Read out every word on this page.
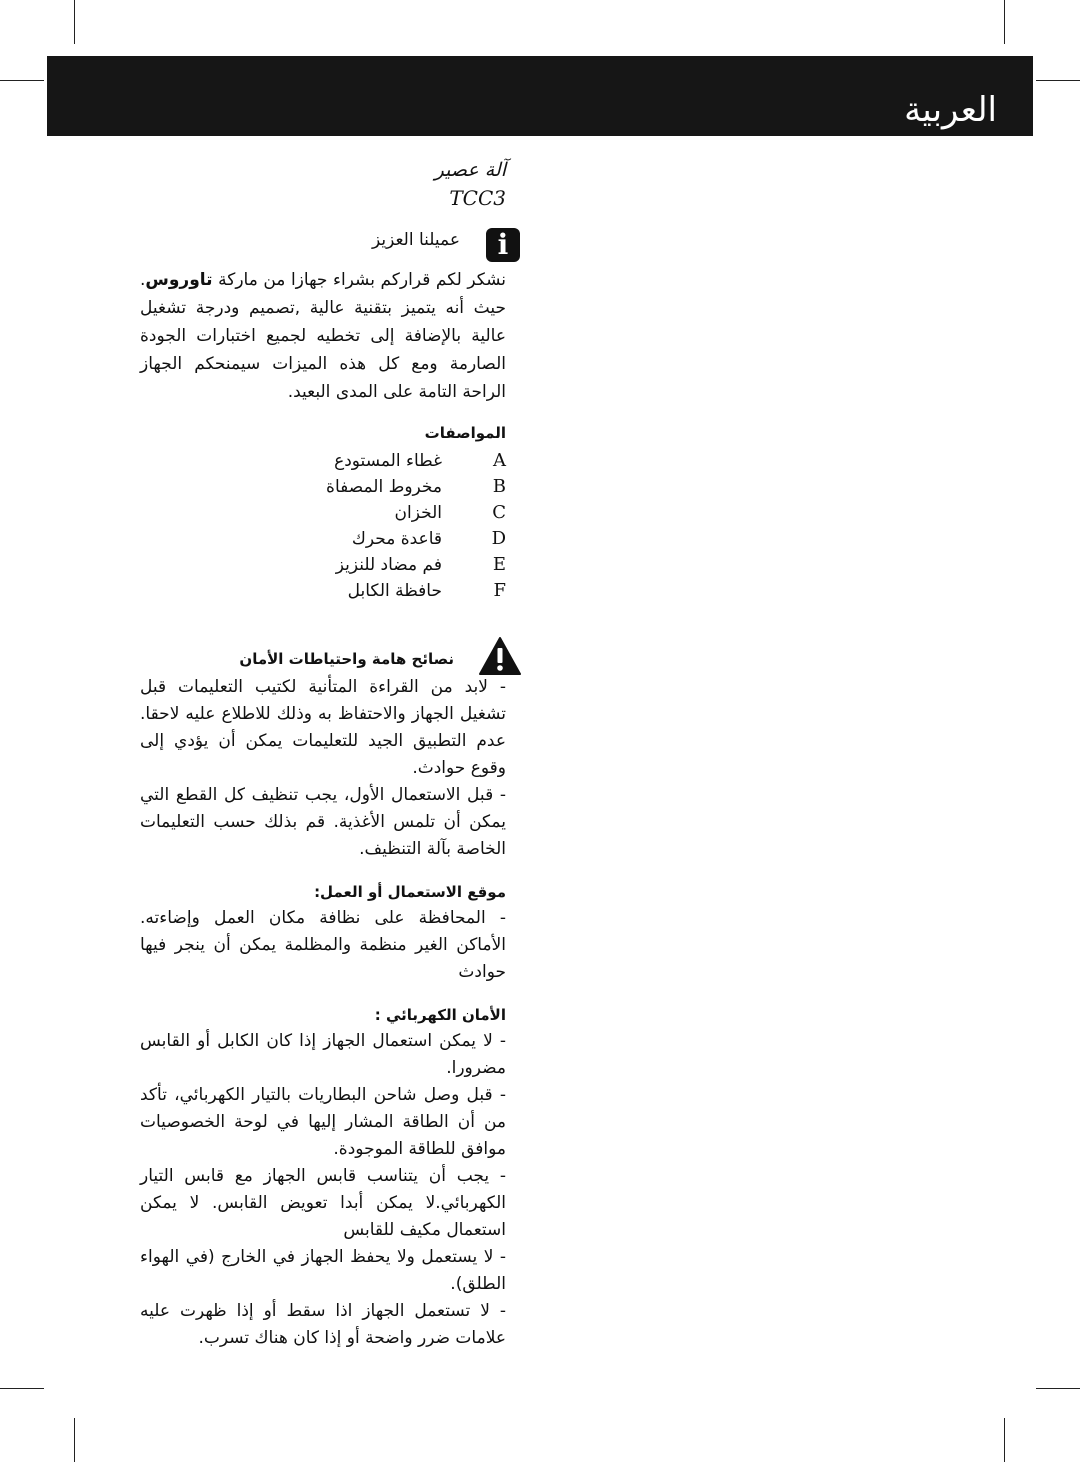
العربية

آلة عصير

TCC3

i
عميلنا العزيز

نشكر لكم قراركم بشراء جهازا من ماركة تاوروس. حيث أنه يتميز بتقنية عالية ,تصميم ودرجة تشغيل عالية بالإضافة إلى تخطيه لجميع اختبارات الجودة الصارمة ومع كل هذه الميزات سيمنحكم الجهاز الراحة التامة على المدى البعيد.

المواصفات
A
غطاء المستودع
B
مخروط المصفاة
C
الخزان
D
قاعدة محرك
E
فم مضاد للنزيز
F
حافظة الكابل
نصائح هامة واحتياطات الأمان
- لابد من القراءة المتأنية لكتيب التعليمات قبل تشغيل الجهاز والاحتفاظ به وذلك للاطلاع عليه لاحقا. عدم التطبيق الجيد للتعليمات يمكن أن يؤدي إلى وقوع حوادث.
- قبل الاستعمال الأول، يجب تنظيف كل القطع التي يمكن أن تلمس الأغذية. قم بذلك حسب التعليمات الخاصة بآلة التنظيف.
موقع الاستعمال أو العمل:
- المحافظة على نظافة مكان العمل وإضاءته. الأماكن الغير منظمة والمظلمة يمكن أن ينجر فيها حوادث
الأمان الكهربائي :
- لا يمكن استعمال الجهاز إذا كان الكابل أو القابس مضرورا.
- قبل وصل شاحن البطاريات بالتيار الكهربائي، تأكد من أن الطاقة المشار إليها في لوحة الخصوصيات موافق للطاقة الموجودة.
- يجب أن يتناسب قابس الجهاز مع قابس التيار الكهربائي.لا يمكن أبدا تعويض القابس. لا يمكن استعمال مكيف للقابس
- لا يستعمل ولا يحفظ الجهاز في الخارج (في الهواء الطلق).
- لا تستعمل الجهاز اذا سقط أو إذا ظهرت عليه علامات ضرر واضحة أو إذا كان هناك تسرب.
